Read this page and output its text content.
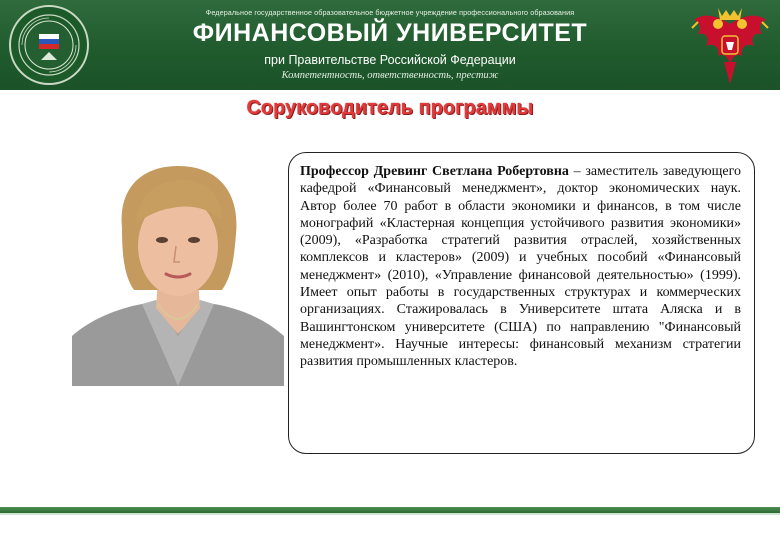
Федеральное государственное образовательное бюджетное учреждение профессионального образования
ФИНАНСОВЫЙ УНИВЕРСИТЕТ
при Правительстве Российской Федерации
Компетентность, ответственность, престиж
Соруководитель программы

Профессор Древинг Светлана Робертовна – заместитель заведующего кафедрой «Финансовый менеджмент», доктор экономических наук. Автор более 70 работ в области экономики и финансов, в том числе монографий «Кластерная концепция устойчивого развития экономики» (2009), «Разработка стратегий развития отраслей, хозяйственных комплексов и кластеров» (2009) и учебных пособий «Финансовый менеджмент» (2010), «Управление финансовой деятельностью» (1999). Имеет опыт работы в государственных структурах и коммерческих организациях. Стажировалась в Университете штата Аляска и в Вашингтонском университете (США) по направлению "Финансовый менеджмент». Научные интересы: финансовый механизм стратегии развития промышленных кластеров.
